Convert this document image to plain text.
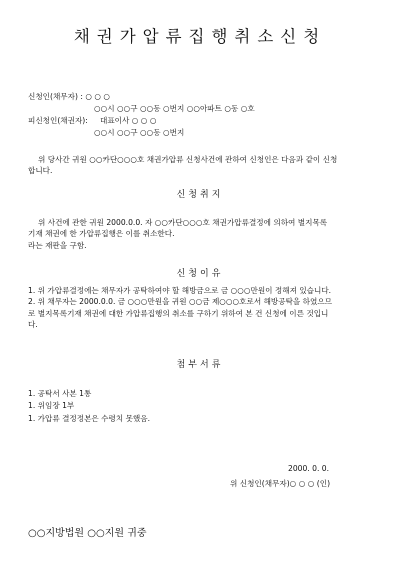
채권가압류집행취소신청
신청인(채무자) : ○ ○ ○
○○시 ○○구 ○○동 ○번지 ○○아파트 ○동 ○호
피신청인(채권자): 대표이사 ○ ○ ○
○○시 ○○구 ○○동 ○번지
위 당사간 귀원 ○○카단○○○호 채권가압류 신청사건에 관하여 신청인은 다음과 같이 신청
합니다.
신청취지
위 사건에 관한 귀원 2000.0.0. 자 ○○카단○○○호 채권가압류결정에 의하여 별지목록
기재 채권에 한 가압류집행은 이를 취소한다.
라는 재판을 구함.
신청이유
1. 위 가압류결정에는 채무자가 공탁하여야 할 해방금으로 금 ○○○만원이 정해져 있습니다.
2. 위 채무자는 2000.0.0. 금 ○○○만원을 귀원 ○○금 제○○○호로서 해방공탁을 하였으므
로 별지목록기재 채권에 대한 가압류집행의 취소를 구하기 위하여 본 건 신청에 이른 것입니
다.
첨부서류
1. 공탁서 사본 1통
1. 위임장 1부
1. 가압류 결정정본은 수령치 못했음.
2000. 0. 0.
위 신청인(채무자)○ ○ ○ (인)
○○지방법원 ○○지원 귀중
